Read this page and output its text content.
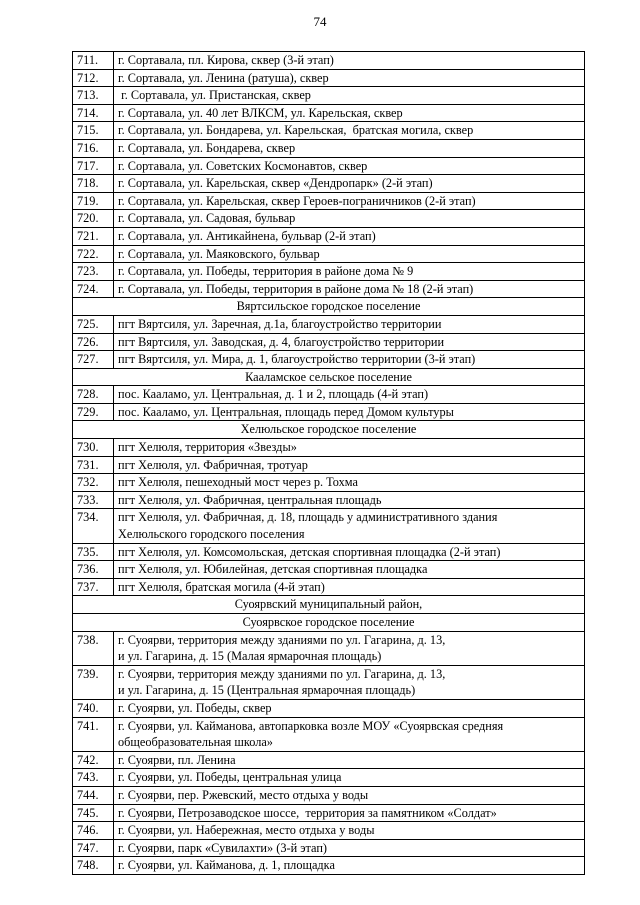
74
711.	г. Сортавала, пл. Кирова, сквер (3-й этап)

712.	г. Сортавала, ул. Ленина (ратуша), сквер

713.	г. Сортавала, ул. Пристанская, сквер

714.	г. Сортавала, ул. 40 лет ВЛКСМ, ул. Карельская, сквер

715.	г. Сортавала, ул. Бондарева, ул. Карельская,  братская могила, сквер

716.	г. Сортавала, ул. Бондарева, сквер

717.	г. Сортавала, ул. Советских Космонавтов, сквер

718.	г. Сортавала, ул. Карельская, сквер «Дендропарк» (2-й этап)

719.	г. Сортавала, ул. Карельская, сквер Героев-пограничников (2-й этап)

720.	г. Сортавала, ул. Садовая, бульвар

721.	г. Сортавала, ул. Антикайнена, бульвар (2-й этап)

722.	г. Сортавала, ул. Маяковского, бульвар

723.	г. Сортавала, ул. Победы, территория в районе дома № 9

724.	г. Сортавала, ул. Победы, территория в районе дома № 18 (2-й этап)

Вяртсильское городское поселение	
725.	пгт Вяртсиля, ул. Заречная, д.1а, благоустройство территории

726.	пгт Вяртсиля, ул. Заводская, д. 4, благоустройство территории

727.	пгт Вяртсиля, ул. Мира, д. 1, благоустройство территории (3-й этап)

Кааламское сельское поселение	
728.	пос. Кааламо, ул. Центральная, д. 1 и 2, площадь (4-й этап)

729.	пос. Кааламо, ул. Центральная, площадь перед Домом культуры

Хелюльское городское поселение	
730.	пгт Хелюля, территория «Звезды»

731.	пгт Хелюля, ул. Фабричная, тротуар

732.	пгт Хелюля, пешеходный мост через р. Тохма

733.	пгт Хелюля, ул. Фабричная, центральная площадь

734.	пгт Хелюля, ул. Фабричная, д. 18, площадь у административного здания
Хелюльского городского поселения

735.	пгт Хелюля, ул. Комсомольская, детская спортивная площадка (2-й этап)

736.	пгт Хелюля, ул. Юбилейная, детская спортивная площадка

737.	пгт Хелюля, братская могила (4-й этап)

Суоярвский муниципальный район,	
Суоярвское городское поселение	
738.	г. Суоярви, территория между зданиями по ул. Гагарина, д. 13,
и ул. Гагарина, д. 15 (Малая ярмарочная площадь)

739.	г. Суоярви, территория между зданиями по ул. Гагарина, д. 13,
и ул. Гагарина, д. 15 (Центральная ярмарочная площадь)

740.	г. Суоярви, ул. Победы, сквер

741.	г. Суоярви, ул. Кайманова, автопарковка возле МОУ «Суоярвская средняя
общеобразовательная школа»

742.	г. Суоярви, пл. Ленина

743.	г. Суоярви, ул. Победы, центральная улица

744.	г. Суоярви, пер. Ржевский, место отдыха у воды

745.	г. Суоярви, Петрозаводское шоссе,  территория за памятником «Солдат»

746.	г. Суоярви, ул. Набережная, место отдыха у воды

747.	г. Суоярви, парк «Сувилахти» (3-й этап)

748.	г. Суоярви, ул. Кайманова, д. 1, площадка
